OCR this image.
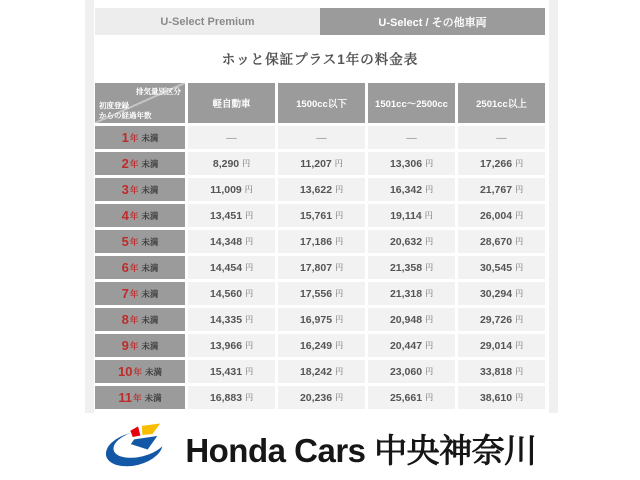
U-Select Premium	U-Select / その他車両
ホッと保証プラス1年の料金表
排気量別区分
初度登録
からの経過年数
軽自動車	1500cc以下	1501cc〜2500cc	2501cc以上
1 年 未満	—	—	—	—
2 年 未満	8,290 円	11,207 円	13,306 円	17,266 円
3 年 未満	11,009 円	13,622 円	16,342 円	21,767 円
4 年 未満	13,451 円	15,761 円	19,114 円	26,004 円
5 年 未満	14,348 円	17,186 円	20,632 円	28,670 円
6 年 未満	14,454 円	17,807 円	21,358 円	30,545 円
7 年 未満	14,560 円	17,556 円	21,318 円	30,294 円
8 年 未満	14,335 円	16,975 円	20,948 円	29,726 円
9 年 未満	13,966 円	16,249 円	20,447 円	29,014 円
10 年 未満	15,431 円	18,242 円	23,060 円	33,818 円
11 年 未満	16,883 円	20,236 円	25,661 円	38,610 円
Honda Cars 中央神奈川
